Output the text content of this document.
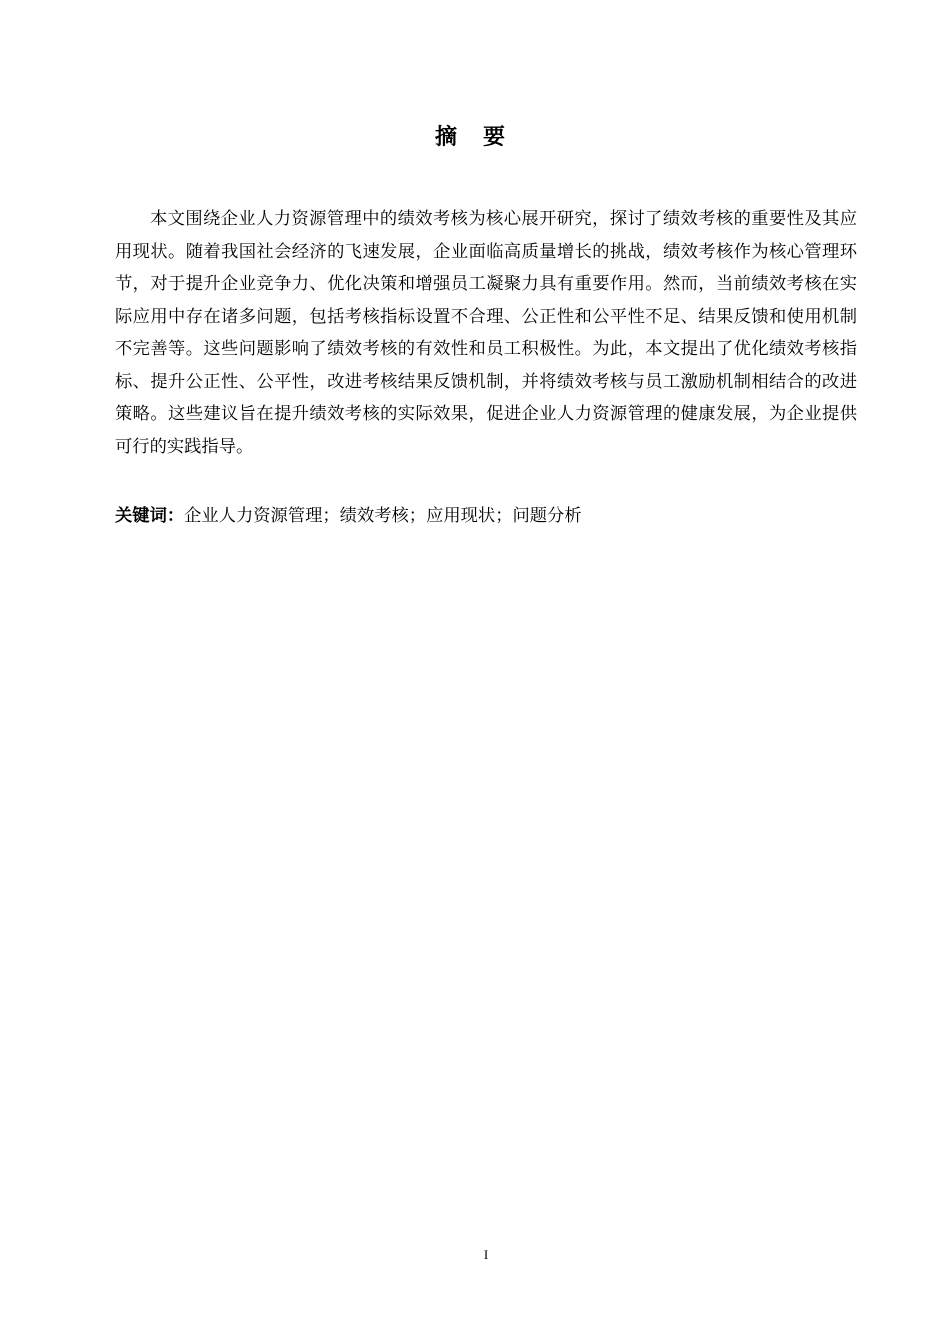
摘要

本文围绕企业人力资源管理中的绩效考核为核心展开研究，探讨了绩效考核的重要性及其应用现状。随着我国社会经济的飞速发展，企业面临高质量增长的挑战，绩效考核作为核心管理环节，对于提升企业竞争力、优化决策和增强员工凝聚力具有重要作用。然而，当前绩效考核在实际应用中存在诸多问题，包括考核指标设置不合理、公正性和公平性不足、结果反馈和使用机制不完善等。这些问题影响了绩效考核的有效性和员工积极性。为此，本文提出了优化绩效考核指标、提升公正性、公平性，改进考核结果反馈机制，并将绩效考核与员工激励机制相结合的改进策略。这些建议旨在提升绩效考核的实际效果，促进企业人力资源管理的健康发展，为企业提供可行的实践指导。

关键词：企业人力资源管理；绩效考核；应用现状；问题分析

I
